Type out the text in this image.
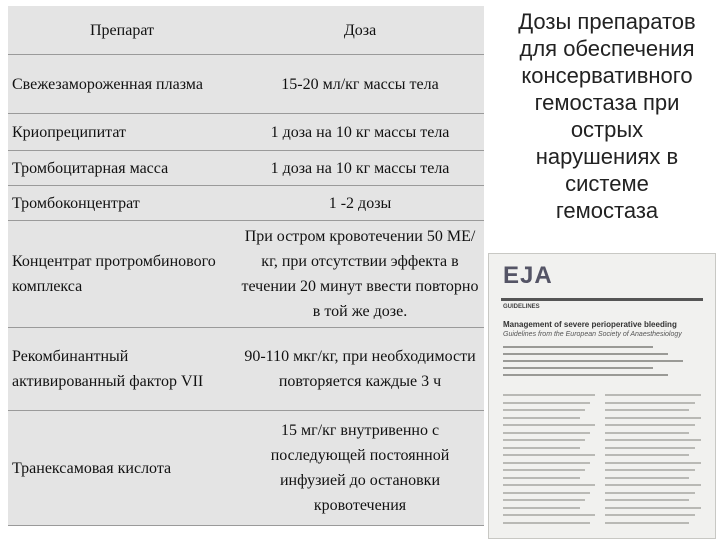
Препарат	Доза
Свежезамороженная плазма	15-20 мл/кг массы тела
Криопреципитат	1 доза на 10 кг массы тела
Тромбоцитарная масса	1 доза на 10 кг массы тела
Тромбоконцентрат	1 -2 дозы
Концентрат протромбинового комплекса	При остром кровотечении 50 МЕ/кг, при отсутствии эффекта в течении 20 минут ввести повторно в той же дозе.
Рекомбинантный активированный фактор VII	90-110 мкг/кг, при необходимости повторяется каждые 3 ч
Транексамовая кислота	15 мг/кг внутривенно с последующей постоянной инфузией до остановки кровотечения
Дозы препаратов
для обеспечения
консервативного
гемостаза при
острых
нарушениях в
системе
гемостаза
EJA
GUIDELINES
Management of severe perioperative bleeding
Guidelines from the European Society of Anaesthesiology
